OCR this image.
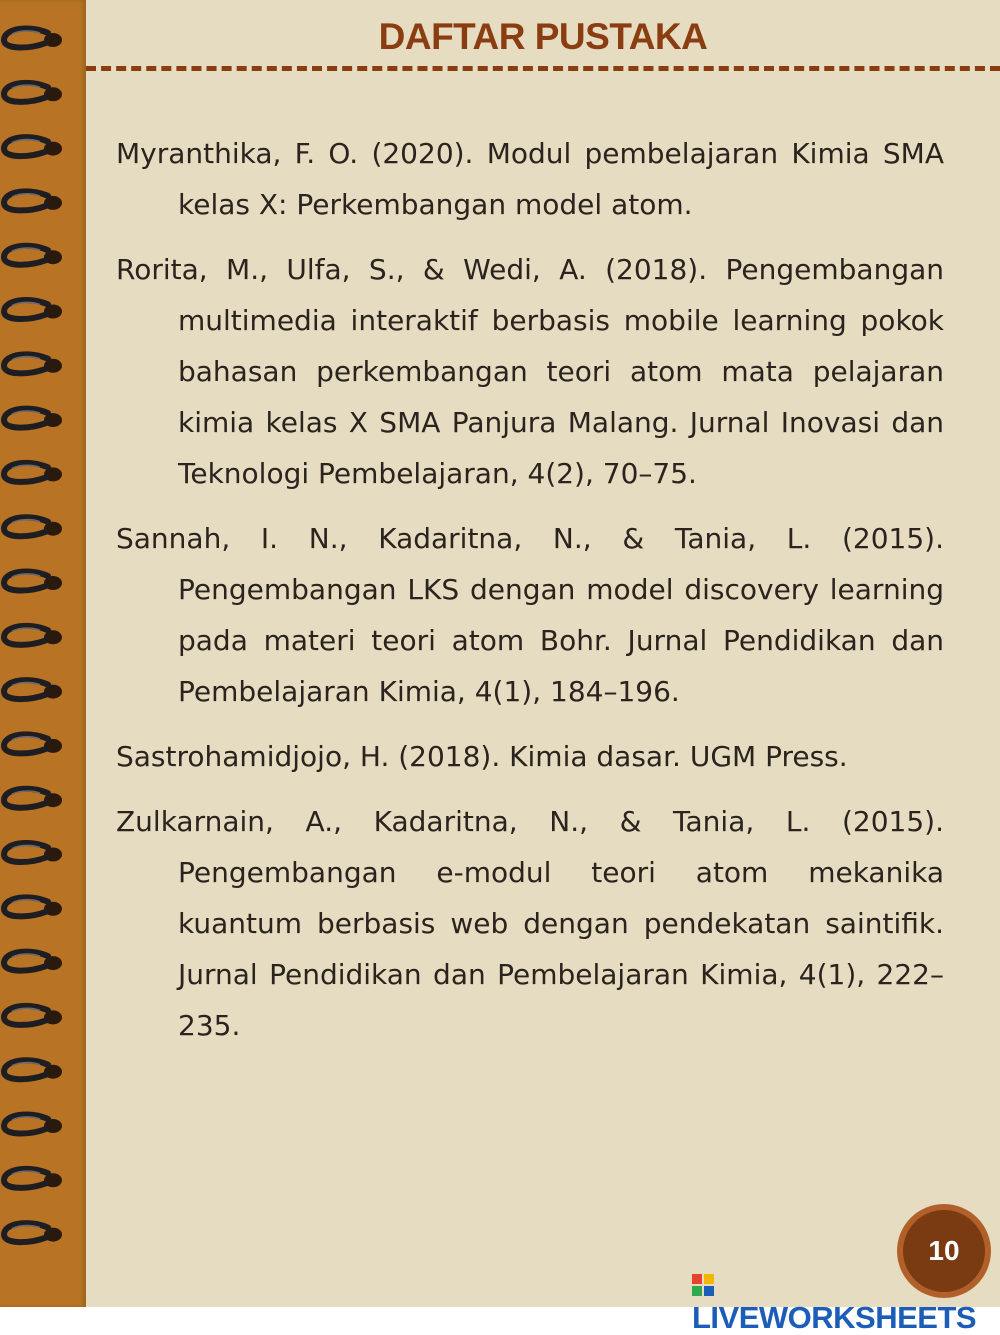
DAFTAR PUSTAKA

Myranthika, F. O. (2020). Modul pembelajaran Kimia SMA kelas X: Perkembangan model atom.

Rorita, M., Ulfa, S., & Wedi, A. (2018). Pengembangan multimedia interaktif berbasis mobile learning pokok bahasan perkembangan teori atom mata pelajaran kimia kelas X SMA Panjura Malang. Jurnal Inovasi dan Teknologi Pembelajaran, 4(2), 70–75.

Sannah, I. N., Kadaritna, N., & Tania, L. (2015). Pengembangan LKS dengan model discovery learning pada materi teori atom Bohr. Jurnal Pendidikan dan Pembelajaran Kimia, 4(1), 184–196.

Sastrohamidjojo, H. (2018). Kimia dasar. UGM Press.

Zulkarnain, A., Kadaritna, N., & Tania, L. (2015). Pengembangan e-modul teori atom mekanika kuantum berbasis web dengan pendekatan saintifik. Jurnal Pendidikan dan Pembelajaran Kimia, 4(1), 222–235.

10
LIVEWORKSHEETS
